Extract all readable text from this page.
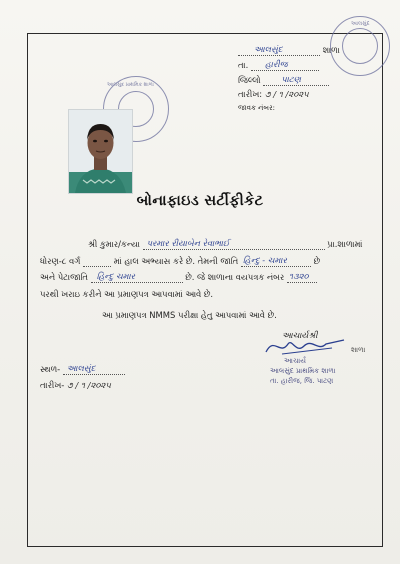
આલસુંદ
આલસુંદ	શાળા
તા. હારીજ
જિલ્લો પાટણ
તારીખ: ૭ / ૧ /૨૦૨૫
જાવક નંબર:
આલસુંદ પ્રાથમિક શાળા
બોનાફાઇડ સર્ટીફીકેટ
શ્રી કુમાર/કન્યા પરમાર રીયાબેન રેવાભાઈ	પ્રા.શાળામાં
ધોરણ-૮ વર્ગ	માં હાલ અભ્યાસ કરે છે. તેમની જાતિ હિન્દુ - ચમાર	છે
અને પેટાજાતિ હિન્દુ ચમાર	છે. જે શાળાના વયપત્રક નંબર ૧૩૨૦
પરથી ખરાઇ કરીને આ પ્રમાણપત્ર આપવામાં આવે છે.
આ પ્રમાણપત્ર NMMS પરીક્ષા હેતુ આપવામાં આવે છે.
આચાર્યશ્રી
શાળા
આચાર્ય
આલસુંદ પ્રાથમિક શાળા
તા. હારીજ, જિ. પાટણ
સ્થળ- આલસુંદ
તારીખ- ૭ / ૧ /૨૦૨૫
